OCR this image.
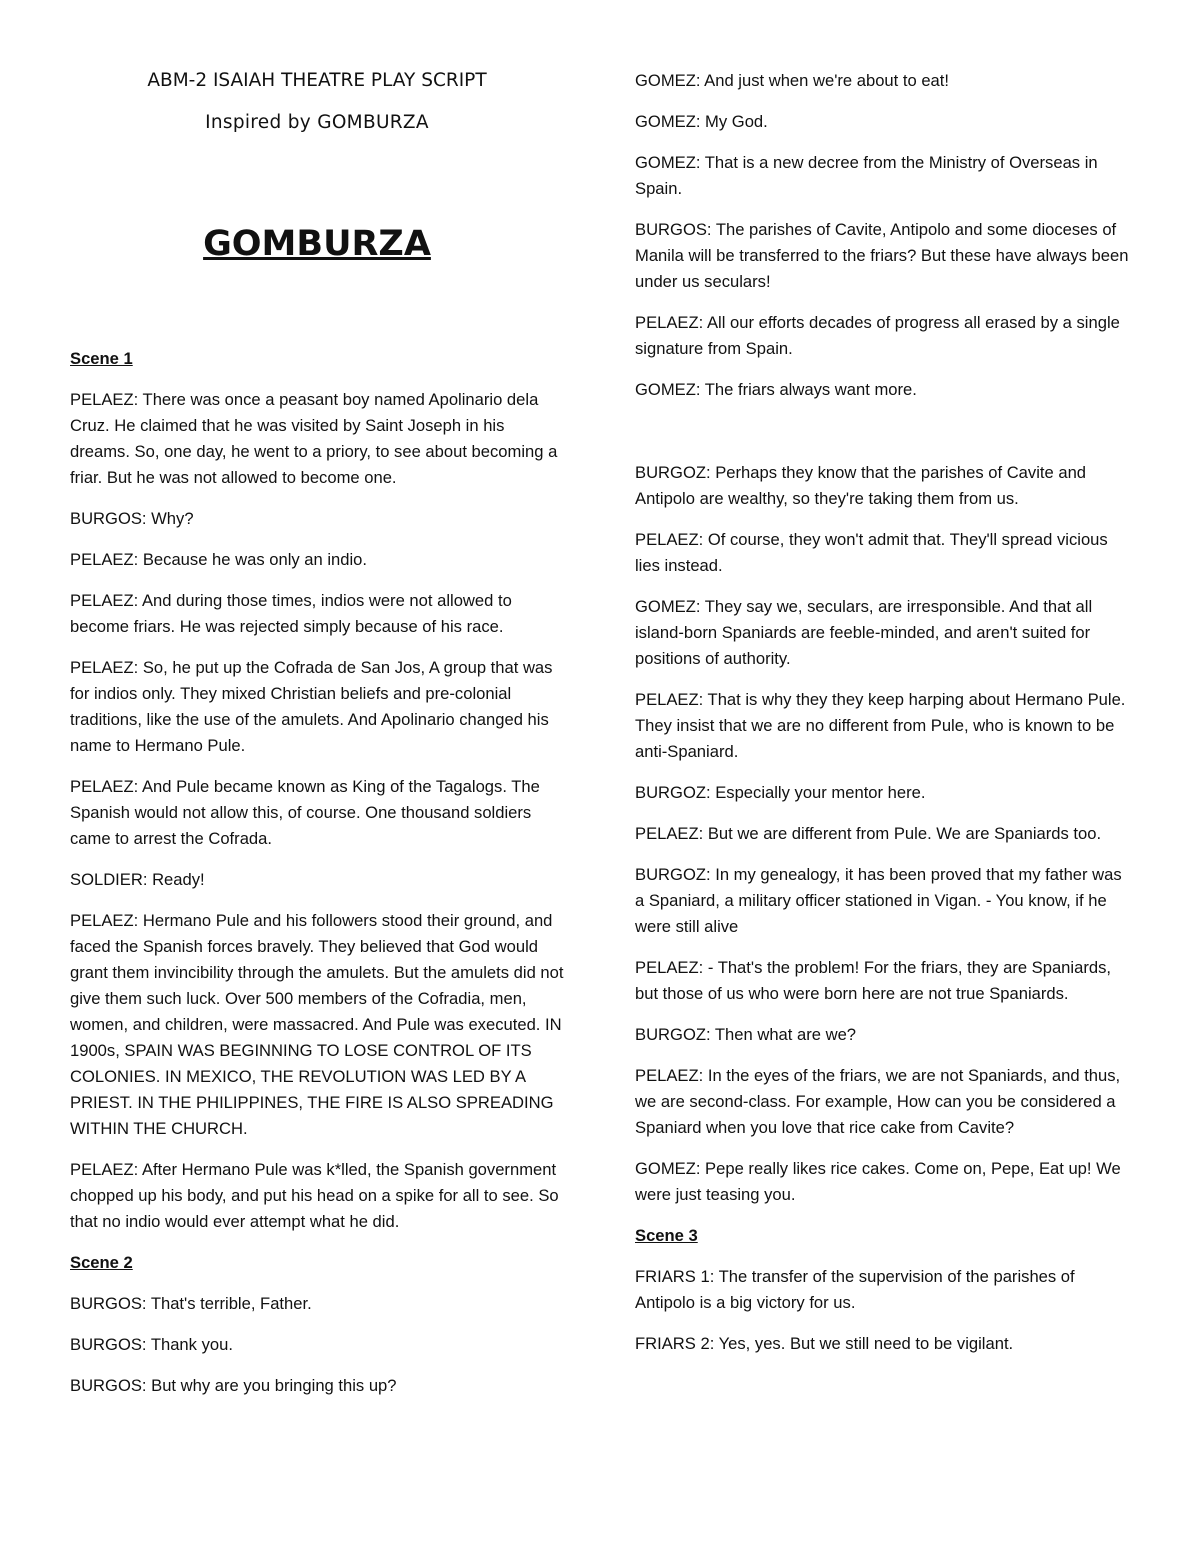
ABM-2 ISAIAH THEATRE PLAY SCRIPT

Inspired by GOMBURZA

GOMBURZA
Scene 1

PELAEZ: There was once a peasant boy named Apolinario dela Cruz. He claimed that he was visited by Saint Joseph in his dreams. So, one day, he went to a priory, to see about becoming a friar. But he was not allowed to become one.

BURGOS: Why?

PELAEZ: Because he was only an indio.

PELAEZ: And during those times, indios were not allowed to become friars. He was rejected simply because of his race.

PELAEZ: So, he put up the Cofrada de San Jos, A group that was for indios only. They mixed Christian beliefs and pre-colonial traditions, like the use of the amulets. And Apolinario changed his name to Hermano Pule.

PELAEZ: And Pule became known as King of the Tagalogs. The Spanish would not allow this, of course. One thousand soldiers came to arrest the Cofrada.

SOLDIER: Ready!

PELAEZ: Hermano Pule and his followers stood their ground, and faced the Spanish forces bravely. They believed that God would grant them invincibility through the amulets. But the amulets did not give them such luck. Over 500 members of the Cofradia, men, women, and children, were massacred. And Pule was executed. IN 1900s, SPAIN WAS BEGINNING TO LOSE CONTROL OF ITS COLONIES. IN MEXICO, THE REVOLUTION WAS LED BY A PRIEST. IN THE PHILIPPINES, THE FIRE IS ALSO SPREADING WITHIN THE CHURCH.

PELAEZ: After Hermano Pule was k*lled, the Spanish government chopped up his body, and put his head on a spike for all to see. So that no indio would ever attempt what he did.

Scene 2

BURGOS: That's terrible, Father.

BURGOS: Thank you.

BURGOS: But why are you bringing this up?

GOMEZ: And just when we're about to eat!

GOMEZ: My God.

GOMEZ: That is a new decree from the Ministry of Overseas in Spain.

BURGOS: The parishes of Cavite, Antipolo and some dioceses of Manila will be transferred to the friars? But these have always been under us seculars!

PELAEZ: All our efforts decades of progress all erased by a single signature from Spain.

GOMEZ: The friars always want more.

BURGOZ: Perhaps they know that the parishes of Cavite and Antipolo are wealthy, so they're taking them from us.

PELAEZ: Of course, they won't admit that. They'll spread vicious lies instead.

GOMEZ: They say we, seculars, are irresponsible. And that all island-born Spaniards are feeble-minded, and aren't suited for positions of authority.

PELAEZ: That is why they they keep harping about Hermano Pule. They insist that we are no different from Pule, who is known to be anti-Spaniard.

BURGOZ: Especially your mentor here.

PELAEZ: But we are different from Pule. We are Spaniards too.

BURGOZ: In my genealogy, it has been proved that my father was a Spaniard, a military officer stationed in Vigan. - You know, if he were still alive

PELAEZ: - That's the problem! For the friars, they are Spaniards, but those of us who were born here are not true Spaniards.

BURGOZ: Then what are we?

PELAEZ: In the eyes of the friars, we are not Spaniards, and thus, we are second-class. For example, How can you be considered a Spaniard when you love that rice cake from Cavite?

GOMEZ: Pepe really likes rice cakes. Come on, Pepe, Eat up! We were just teasing you.

Scene 3

FRIARS 1: The transfer of the supervision of the parishes of Antipolo is a big victory for us.

FRIARS 2: Yes, yes. But we still need to be vigilant.
